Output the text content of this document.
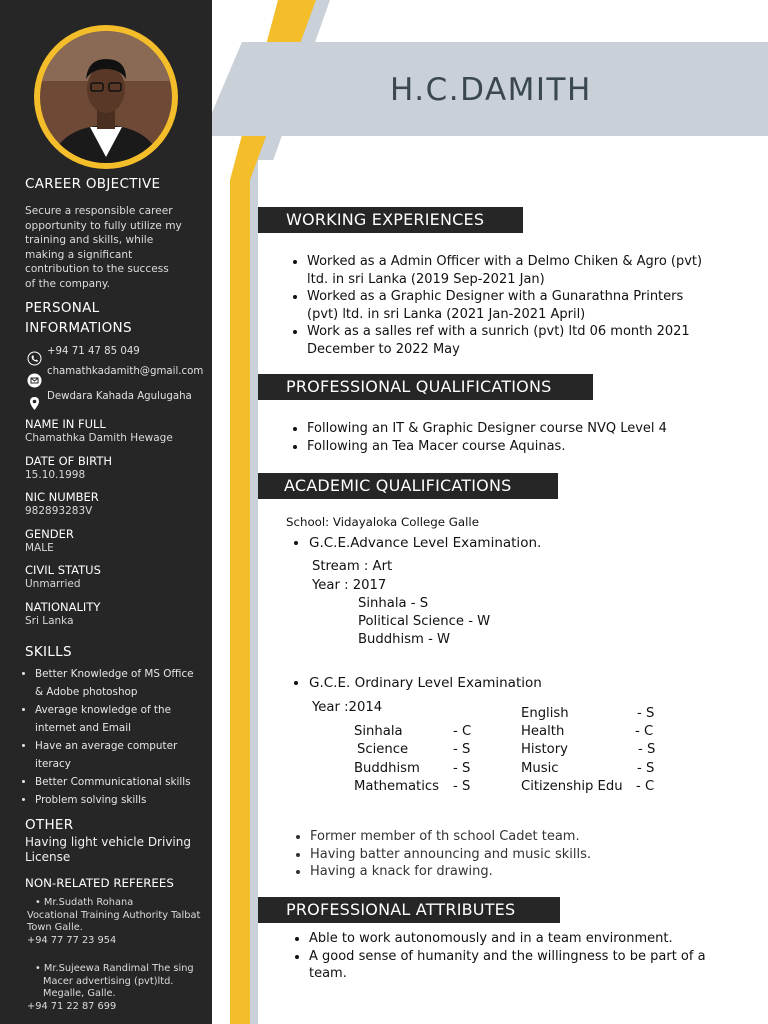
H.C.DAMITH
CAREER OBJECTIVE
Secure a responsible career
opportunity to fully utilize my
training and skills, while
making a significant
contribution to the success
of the company.
PERSONAL
INFORMATIONS
+94 71 47 85 049
chamathkadamith@gmail.com
Dewdara Kahada Agulugaha
NAME IN FULL
Chamathka Damith Hewage
DATE OF BIRTH
15.10.1998
NIC NUMBER
982893283V
GENDER
MALE
CIVIL STATUS
Unmarried
NATIONALITY
Sri Lanka
SKILLS
• Better Knowledge of MS Office
& Adobe photoshop
• Average knowledge of the
internet and Email
• Have an average computer
iteracy
• Better Communicational skills
• Problem solving skills
OTHER
Having light vehicle Driving
License
NON-RELATED REFEREES
• Mr.Sudath Rohana
Vocational Training Authority Talbat
Town Galle.
+94 77 77 23 954
• Mr.Sujeewa Randimal The sing
Macer advertising (pvt)ltd.
Megalle, Galle.
+94 71 22 87 699
WORKING EXPERIENCES
• Worked as a Admin Officer with a Delmo Chiken & Agro (pvt)
ltd. in sri Lanka (2019 Sep-2021 Jan)
• Worked as a Graphic Designer with a Gunarathna Printers
(pvt) ltd. in sri Lanka (2021 Jan-2021 April)
• Work as a salles ref with a sunrich (pvt) ltd 06 month 2021
December to 2022 May
PROFESSIONAL QUALIFICATIONS
• Following an IT & Graphic Designer course NVQ Level 4
• Following an Tea Macer course Aquinas.
ACADEMIC QUALIFICATIONS
School: Vidayaloka College Galle
• G.C.E.Advance Level Examination.
Stream : Art
Year : 2017
Sinhala - S
Political Science - W
Buddhism - W
• G.C.E. Ordinary Level Examination
Year :2014
Sinhala	- C
Science	- S
Buddhism	- S
Mathematics - S
English	- S
Health	- C
History	- S
Music	- S
Citizenship Edu - C
• Former member of th school Cadet team.
• Having batter announcing and music skills.
• Having a knack for drawing.
PROFESSIONAL ATTRIBUTES
• Able to work autonomously and in a team environment.
• A good sense of humanity and the willingness to be part of a
team.
